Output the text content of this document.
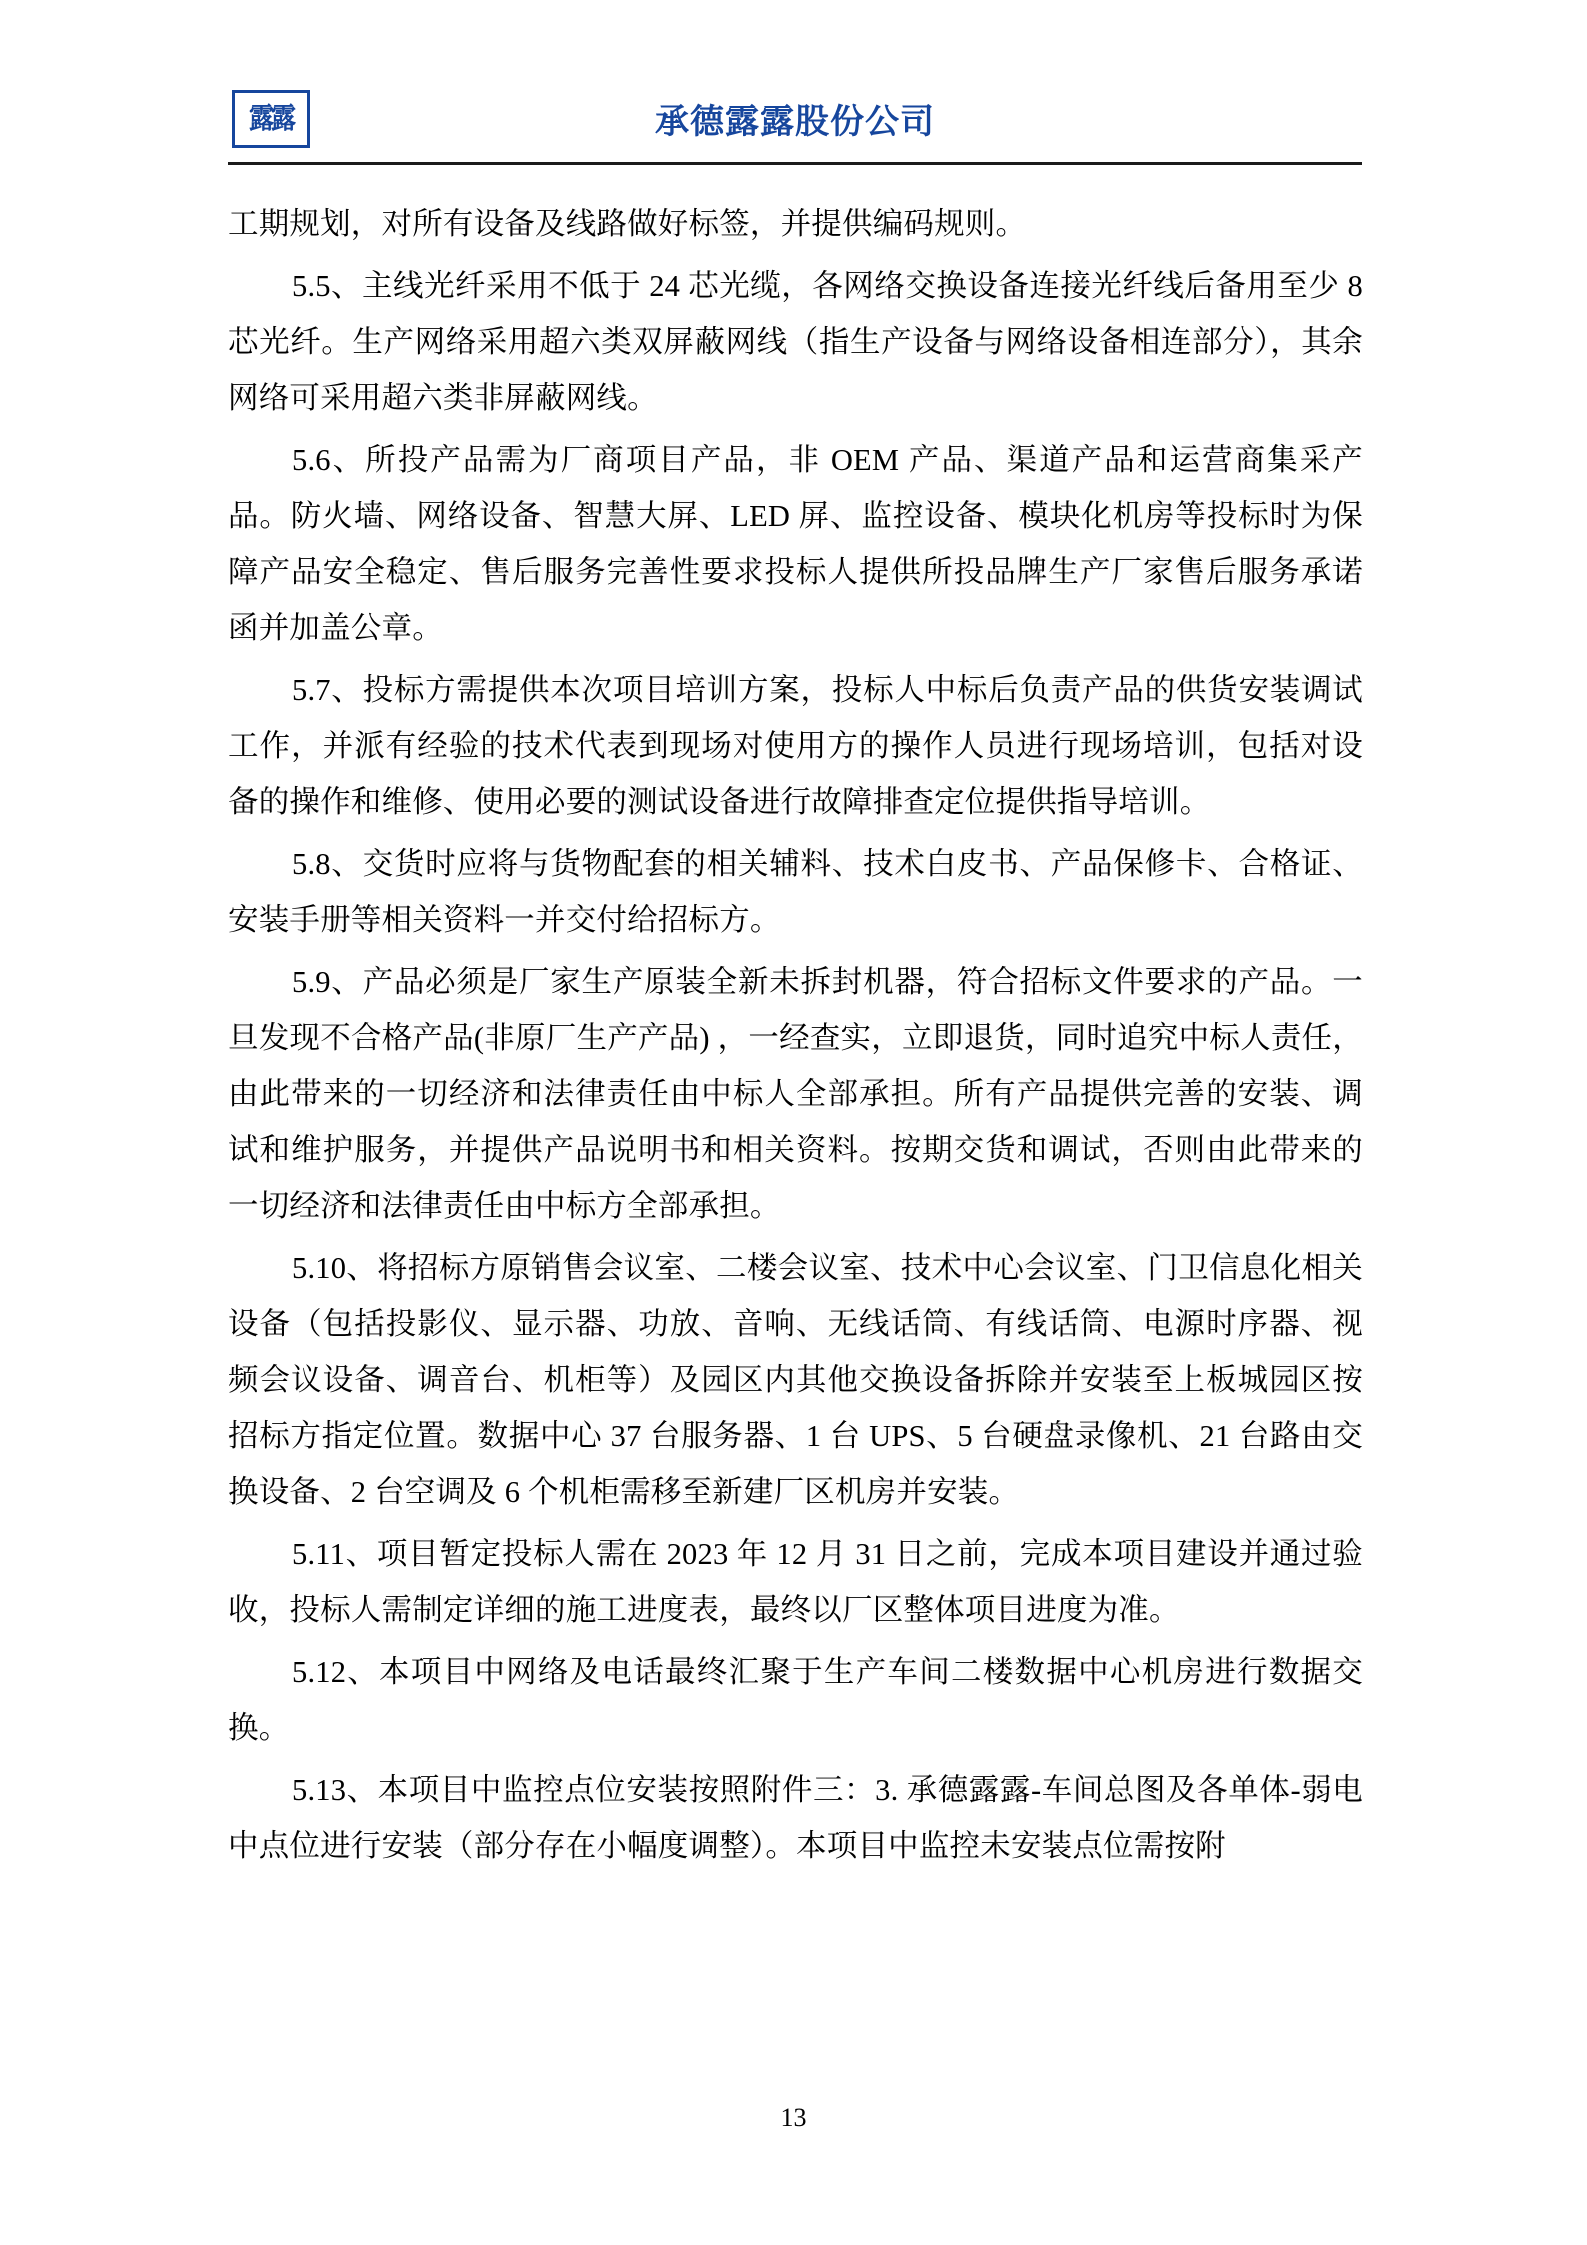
露露	承德露露股份公司

工期规划，对所有设备及线路做好标签，并提供编码规则。

5.5、主线光纤采用不低于 24 芯光缆，各网络交换设备连接光纤线后备用至少 8 芯光纤。生产网络采用超六类双屏蔽网线（指生产设备与网络设备相连部分），其余网络可采用超六类非屏蔽网线。

5.6、所投产品需为厂商项目产品，非 OEM 产品、渠道产品和运营商集采产品。防火墙、网络设备、智慧大屏、LED 屏、监控设备、模块化机房等投标时为保障产品安全稳定、售后服务完善性要求投标人提供所投品牌生产厂家售后服务承诺函并加盖公章。

5.7、投标方需提供本次项目培训方案，投标人中标后负责产品的供货安装调试工作，并派有经验的技术代表到现场对使用方的操作人员进行现场培训，包括对设备的操作和维修、使用必要的测试设备进行故障排查定位提供指导培训。

5.8、交货时应将与货物配套的相关辅料、技术白皮书、产品保修卡、合格证、安装手册等相关资料一并交付给招标方。

5.9、产品必须是厂家生产原装全新未拆封机器，符合招标文件要求的产品。一旦发现不合格产品(非原厂生产产品) ，一经查实，立即退货，同时追究中标人责任，由此带来的一切经济和法律责任由中标人全部承担。所有产品提供完善的安装、调试和维护服务，并提供产品说明书和相关资料。按期交货和调试，否则由此带来的一切经济和法律责任由中标方全部承担。

5.10、将招标方原销售会议室、二楼会议室、技术中心会议室、门卫信息化相关设备（包括投影仪、显示器、功放、音响、无线话筒、有线话筒、电源时序器、视频会议设备、调音台、机柜等）及园区内其他交换设备拆除并安装至上板城园区按招标方指定位置。数据中心 37 台服务器、1 台 UPS、5 台硬盘录像机、21 台路由交换设备、2 台空调及 6 个机柜需移至新建厂区机房并安装。

5.11、项目暂定投标人需在 2023 年 12 月 31 日之前，完成本项目建设并通过验收，投标人需制定详细的施工进度表，最终以厂区整体项目进度为准。

5.12、本项目中网络及电话最终汇聚于生产车间二楼数据中心机房进行数据交换。

5.13、本项目中监控点位安装按照附件三：3. 承德露露-车间总图及各单体-弱电中点位进行安装（部分存在小幅度调整）。本项目中监控未安装点位需按附

13
